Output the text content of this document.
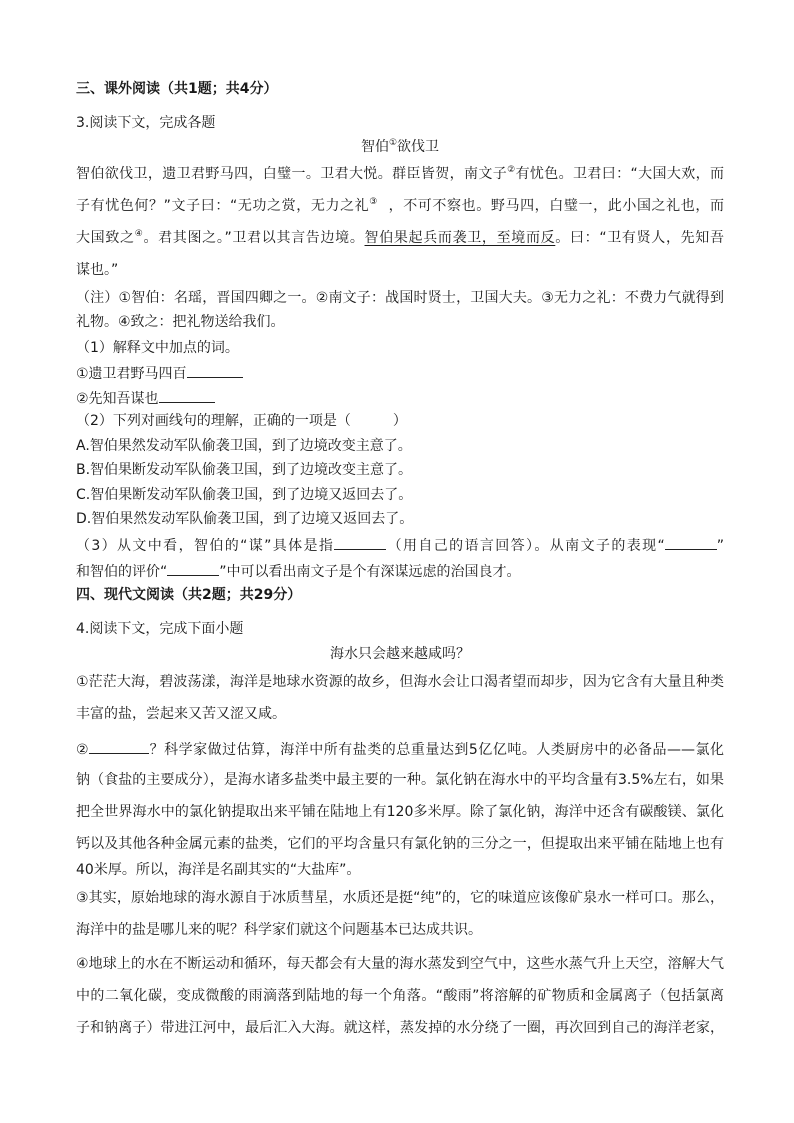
三、课外阅读（共1题；共4分）
3.阅读下文，完成各题
智伯①欲伐卫
智伯欲伐卫，遗卫君野马四，白璧一。卫君大悦。群臣皆贺，南文子②有忧色。卫君曰：“大国大欢，而
子有忧色何？”文子曰：“无功之赏，无力之礼③ ，不可不察也。野马四，白璧一，此小国之礼也，而
大国致之④。君其图之。”卫君以其言告边境。智伯果起兵而袭卫，至境而反。曰：“卫有贤人，先知吾
谋也。”
（注）①智伯：名瑶，晋国四卿之一。②南文子：战国时贤士，卫国大夫。③无力之礼：不费力气就得到
礼物。④致之：把礼物送给我们。
（1）解释文中加点的词。
①遗卫君野马四百
②先知吾谋也
（2）下列对画线句的理解，正确的一项是（　　　）
A.智伯果然发动军队偷袭卫国，到了边境改变主意了。
B.智伯果断发动军队偷袭卫国，到了边境改变主意了。
C.智伯果断发动军队偷袭卫国，到了边境又返回去了。
D.智伯果然发动军队偷袭卫国，到了边境又返回去了。
（3）从文中看，智伯的“谋”具体是指	（用自己的语言回答）。从南文子的表现“	”
和智伯的评价“	”中可以看出南文子是个有深谋远虑的治国良才。
四、现代文阅读（共2题；共29分）
4.阅读下文，完成下面小题
海水只会越来越咸吗？
①茫茫大海，碧波荡漾，海洋是地球水资源的故乡，但海水会让口渴者望而却步，因为它含有大量且种类
丰富的盐，尝起来又苦又涩又咸。
②	？科学家做过估算，海洋中所有盐类的总重量达到5亿亿吨。人类厨房中的必备品——氯化
钠（食盐的主要成分），是海水诸多盐类中最主要的一种。氯化钠在海水中的平均含量有3.5%左右，如果
把全世界海水中的氯化钠提取出来平铺在陆地上有120多米厚。除了氯化钠，海洋中还含有碳酸镁、氯化
钙以及其他各种金属元素的盐类，它们的平均含量只有氯化钠的三分之一，但提取出来平铺在陆地上也有
40米厚。所以，海洋是名副其实的“大盐库”。
③其实，原始地球的海水源自于冰质彗星，水质还是挺“纯”的，它的味道应该像矿泉水一样可口。那么，
海洋中的盐是哪儿来的呢？科学家们就这个问题基本已达成共识。
④地球上的水在不断运动和循环，每天都会有大量的海水蒸发到空气中，这些水蒸气升上天空，溶解大气
中的二氧化碳，变成微酸的雨滴落到陆地的每一个角落。“酸雨”将溶解的矿物质和金属离子（包括氯离
子和钠离子）带进江河中，最后汇入大海。就这样，蒸发掉的水分绕了一圈，再次回到自己的海洋老家，
